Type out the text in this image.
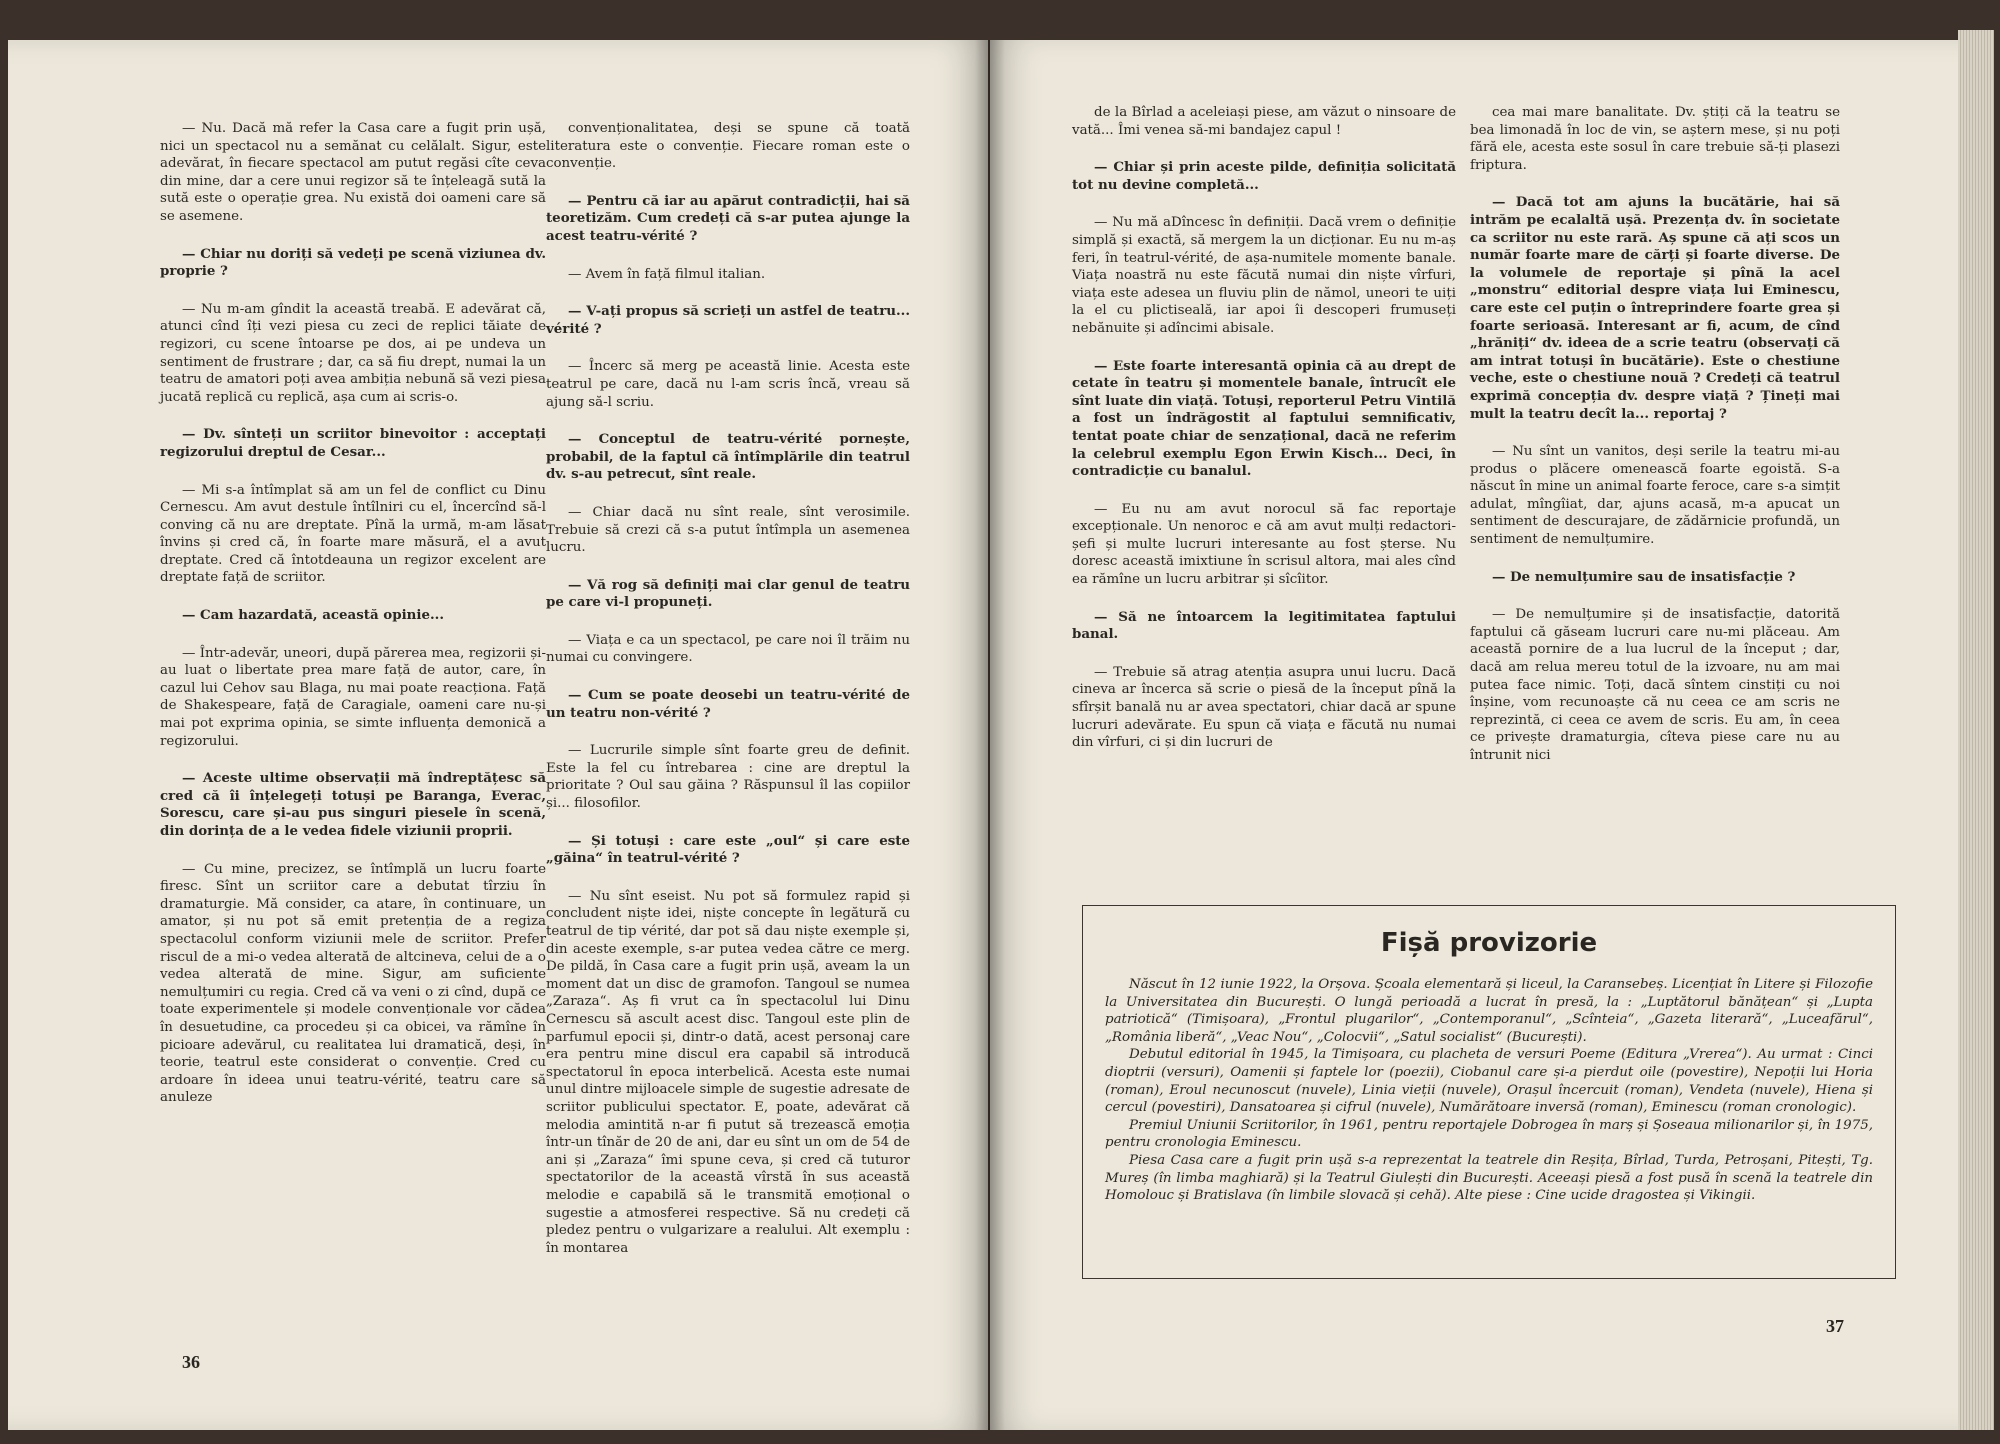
— Nu. Dacă mă refer la Casa care a fugit prin ușă, nici un spectacol nu a semănat cu celălalt. Sigur, este adevărat, în fiecare spectacol am putut regăsi cîte ceva din mine, dar a cere unui regizor să te înțeleagă sută la sută este o operație grea. Nu există doi oameni care să se asemene.

— Chiar nu doriți să vedeți pe scenă viziunea dv. proprie ?

— Nu m-am gîndit la această treabă. E adevărat că, atunci cînd îți vezi piesa cu zeci de replici tăiate de regizori, cu scene întoarse pe dos, ai pe undeva un sentiment de frustrare ; dar, ca să fiu drept, numai la un teatru de amatori poți avea ambiția nebună să vezi piesa jucată replică cu replică, așa cum ai scris-o.

— Dv. sînteți un scriitor binevoitor : acceptați regizorului dreptul de Cesar...

— Mi s-a întîmplat să am un fel de conflict cu Dinu Cernescu. Am avut destule întîlniri cu el, încercînd să-l conving că nu are dreptate. Pînă la urmă, m-am lăsat învins și cred că, în foarte mare măsură, el a avut dreptate. Cred că întotdeauna un regizor excelent are dreptate față de scriitor.

— Cam hazardată, această opinie...

— Într-adevăr, uneori, după părerea mea, regizorii și-au luat o libertate prea mare față de autor, care, în cazul lui Cehov sau Blaga, nu mai poate reacționa. Față de Shakespeare, față de Caragiale, oameni care nu-și mai pot exprima opinia, se simte influența demonică a regizorului.

— Aceste ultime observații mă îndreptățesc să cred că îi înțelegeți totuși pe Baranga, Everac, Sorescu, care și-au pus singuri piesele în scenă, din dorința de a le vedea fidele viziunii proprii.

— Cu mine, precizez, se întîmplă un lucru foarte firesc. Sînt un scriitor care a debutat tîrziu în dramaturgie. Mă consider, ca atare, în continuare, un amator, și nu pot să emit pretenția de a regiza spectacolul conform viziunii mele de scriitor. Prefer riscul de a mi-o vedea alterată de altcineva, celui de a o vedea alterată de mine. Sigur, am suficiente nemulțumiri cu regia. Cred că va veni o zi cînd, după ce toate experimentele și modele convenționale vor cădea în desuetudine, ca procedeu și ca obicei, va rămîne în picioare adevărul, cu realitatea lui dramatică, deși, în teorie, teatrul este considerat o convenție. Cred cu ardoare în ideea unui teatru-vérité, teatru care să anuleze

convenționalitatea, deși se spune că toată literatura este o convenție. Fiecare roman este o convenție.

— Pentru că iar au apărut contradicții, hai să teoretizăm. Cum credeți că s-ar putea ajunge la acest teatru-vérité ?

— Avem în față filmul italian.

— V-ați propus să scrieți un astfel de teatru... vérité ?

— Încerc să merg pe această linie. Acesta este teatrul pe care, dacă nu l-am scris încă, vreau să ajung să-l scriu.

— Conceptul de teatru-vérité pornește, probabil, de la faptul că întîmplările din teatrul dv. s-au petrecut, sînt reale.

— Chiar dacă nu sînt reale, sînt verosimile. Trebuie să crezi că s-a putut întîmpla un asemenea lucru.

— Vă rog să definiți mai clar genul de teatru pe care vi-l propuneți.

— Viața e ca un spectacol, pe care noi îl trăim nu numai cu convingere.

— Cum se poate deosebi un teatru-vérité de un teatru non-vérité ?

— Lucrurile simple sînt foarte greu de definit. Este la fel cu întrebarea : cine are dreptul la prioritate ? Oul sau găina ? Răspunsul îl las copiilor și... filosofilor.

— Și totuși : care este „oul“ și care este „găina“ în teatrul-vérité ?

— Nu sînt eseist. Nu pot să formulez rapid și concludent niște idei, niște concepte în legătură cu teatrul de tip vérité, dar pot să dau niște exemple și, din aceste exemple, s-ar putea vedea către ce merg. De pildă, în Casa care a fugit prin ușă, aveam la un moment dat un disc de gramofon. Tangoul se numea „Zaraza“. Aș fi vrut ca în spectacolul lui Dinu Cernescu să ascult acest disc. Tangoul este plin de parfumul epocii și, dintr-o dată, acest personaj care era pentru mine discul era capabil să introducă spectatorul în epoca interbelică. Acesta este numai unul dintre mijloacele simple de sugestie adresate de scriitor publicului spectator. E, poate, adevărat că melodia amintită n-ar fi putut să trezească emoția într-un tînăr de 20 de ani, dar eu sînt un om de 54 de ani și „Zaraza“ îmi spune ceva, și cred că tuturor spectatorilor de la această vîrstă în sus această melodie e capabilă să le transmită emoțional o sugestie a atmosferei respective. Să nu credeți că pledez pentru o vulgarizare a realului. Alt exemplu : în montarea

36

de la Bîrlad a aceleiași piese, am văzut o ninsoare de vată... Îmi venea să-mi bandajez capul !

— Chiar și prin aceste pilde, definiția solicitată tot nu devine completă...

— Nu mă aDîncesc în definiții. Dacă vrem o definiție simplă și exactă, să mergem la un dicționar. Eu nu m-aș feri, în teatrul-vérité, de așa-numitele momente banale. Viața noastră nu este făcută numai din niște vîrfuri, viața este adesea un fluviu plin de nămol, uneori te uiți la el cu plictiseală, iar apoi îi descoperi frumuseți nebănuite și adîncimi abisale.

— Este foarte interesantă opinia că au drept de cetate în teatru și momentele banale, întrucît ele sînt luate din viață. Totuși, reporterul Petru Vintilă a fost un îndrăgostit al faptului semnificativ, tentat poate chiar de senzațional, dacă ne referim la celebrul exemplu Egon Erwin Kisch... Deci, în contradicție cu banalul.

— Eu nu am avut norocul să fac reportaje excepționale. Un nenoroc e că am avut mulți redactori-șefi și multe lucruri interesante au fost șterse. Nu doresc această imixtiune în scrisul altora, mai ales cînd ea rămîne un lucru arbitrar și sîcîitor.

— Să ne întoarcem la legitimitatea faptului banal.

— Trebuie să atrag atenția asupra unui lucru. Dacă cineva ar încerca să scrie o piesă de la început pînă la sfîrșit banală nu ar avea spectatori, chiar dacă ar spune lucruri adevărate. Eu spun că viața e făcută nu numai din vîrfuri, ci și din lucruri de

cea mai mare banalitate. Dv. știți că la teatru se bea limonadă în loc de vin, se aștern mese, și nu poți fără ele, acesta este sosul în care trebuie să-ți plasezi friptura.

— Dacă tot am ajuns la bucătărie, hai să intrăm pe ecalaltă ușă. Prezența dv. în societate ca scriitor nu este rară. Aș spune că ați scos un număr foarte mare de cărți și foarte diverse. De la volumele de reportaje și pînă la acel „monstru“ editorial despre viața lui Eminescu, care este cel puțin o întreprindere foarte grea și foarte serioasă. Interesant ar fi, acum, de cînd „hrăniți“ dv. ideea de a scrie teatru (observați că am intrat totuși în bucătărie). Este o chestiune veche, este o chestiune nouă ? Credeți că teatrul exprimă concepția dv. despre viață ? Țineți mai mult la teatru decît la... reportaj ?

— Nu sînt un vanitos, deși serile la teatru mi-au produs o plăcere omenească foarte egoistă. S-a născut în mine un animal foarte feroce, care s-a simțit adulat, mîngîiat, dar, ajuns acasă, m-a apucat un sentiment de descurajare, de zădărnicie profundă, un sentiment de nemulțumire.

— De nemulțumire sau de insatisfacție ?

— De nemulțumire și de insatisfacție, datorită faptului că găseam lucruri care nu-mi plăceau. Am această pornire de a lua lucrul de la început ; dar, dacă am relua mereu totul de la izvoare, nu am mai putea face nimic. Toți, dacă sîntem cinstiți cu noi înșine, vom recunoaște că nu ceea ce am scris ne reprezintă, ci ceea ce avem de scris. Eu am, în ceea ce privește dramaturgia, cîteva piese care nu au întrunit nici

Fișă provizorie

Născut în 12 iunie 1922, la Orșova. Școala elementară și liceul, la Caransebeș. Licențiat în Litere și Filozofie la Universitatea din București. O lungă perioadă a lucrat în presă, la : „Luptătorul bănățean“ și „Lupta patriotică“ (Timișoara), „Frontul plugarilor“, „Contemporanul“, „Scînteia“, „Gazeta literară“, „Luceafărul“, „România liberă“, „Veac Nou“, „Colocvii“, „Satul socialist“ (București).

Debutul editorial în 1945, la Timișoara, cu placheta de versuri Poeme (Editura „Vrerea“). Au urmat : Cinci dioptrii (versuri), Oamenii și faptele lor (poezii), Ciobanul care și-a pierdut oile (povestire), Nepoții lui Horia (roman), Eroul necunoscut (nuvele), Linia vieții (nuvele), Orașul încercuit (roman), Vendeta (nuvele), Hiena și cercul (povestiri), Dansatoarea și cifrul (nuvele), Numărătoare inversă (roman), Eminescu (roman cronologic).

Premiul Uniunii Scriitorilor, în 1961, pentru reportajele Dobrogea în marș și Șoseaua milionarilor și, în 1975, pentru cronologia Eminescu.

Piesa Casa care a fugit prin ușă s-a reprezentat la teatrele din Reșița, Bîrlad, Turda, Petroșani, Pitești, Tg. Mureș (în limba maghiară) și la Teatrul Giulești din București. Aceeași piesă a fost pusă în scenă la teatrele din Homolouc și Bratislava (în limbile slovacă și cehă). Alte piese : Cine ucide dragostea și Vikingii.

37
